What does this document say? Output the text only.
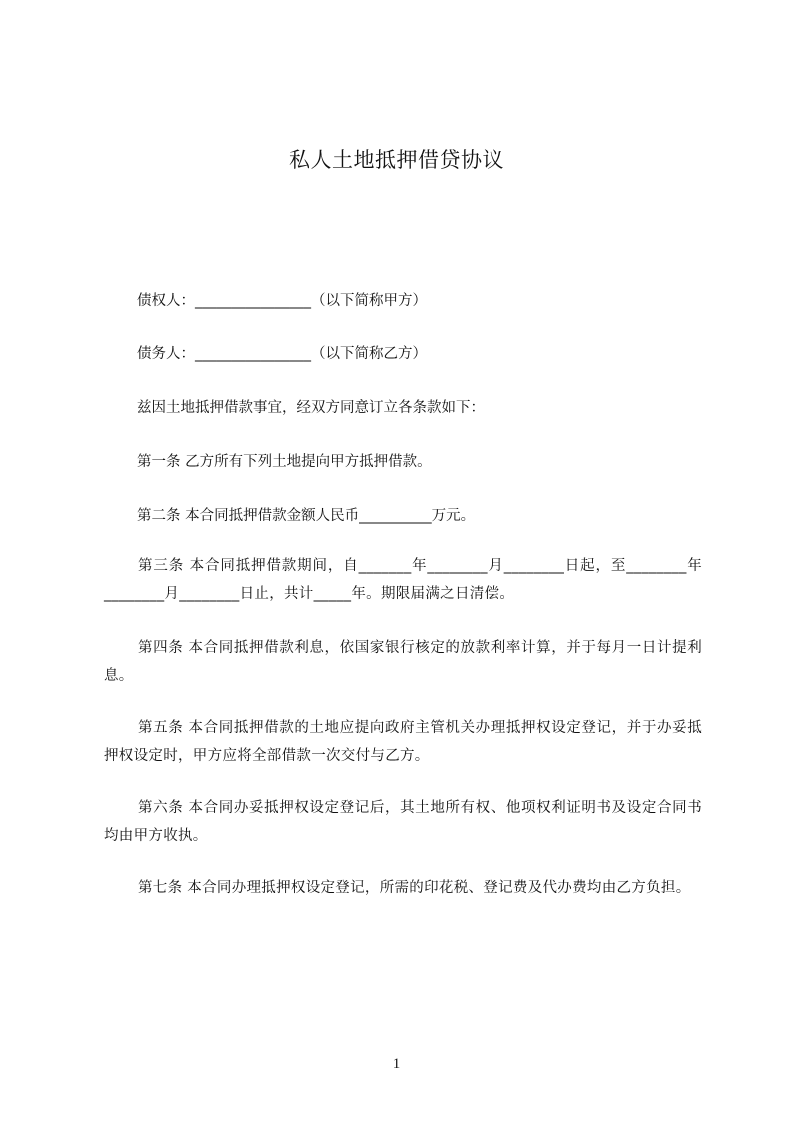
私人土地抵押借贷协议
债权人：________________（以下简称甲方）
债务人：________________（以下简称乙方）
兹因土地抵押借款事宜，经双方同意订立各条款如下：
第一条 乙方所有下列土地提向甲方抵押借款。
第二条 本合同抵押借款金额人民币__________万元。
第三条 本合同抵押借款期间，自_______年________月________日起，至________年________月________日止，共计_____年。期限届满之日清偿。
第四条 本合同抵押借款利息，依国家银行核定的放款利率计算，并于每月一日计提利息。
第五条 本合同抵押借款的土地应提向政府主管机关办理抵押权设定登记，并于办妥抵押权设定时，甲方应将全部借款一次交付与乙方。
第六条 本合同办妥抵押权设定登记后，其土地所有权、他项权利证明书及设定合同书均由甲方收执。
第七条 本合同办理抵押权设定登记，所需的印花税、登记费及代办费均由乙方负担。
1
